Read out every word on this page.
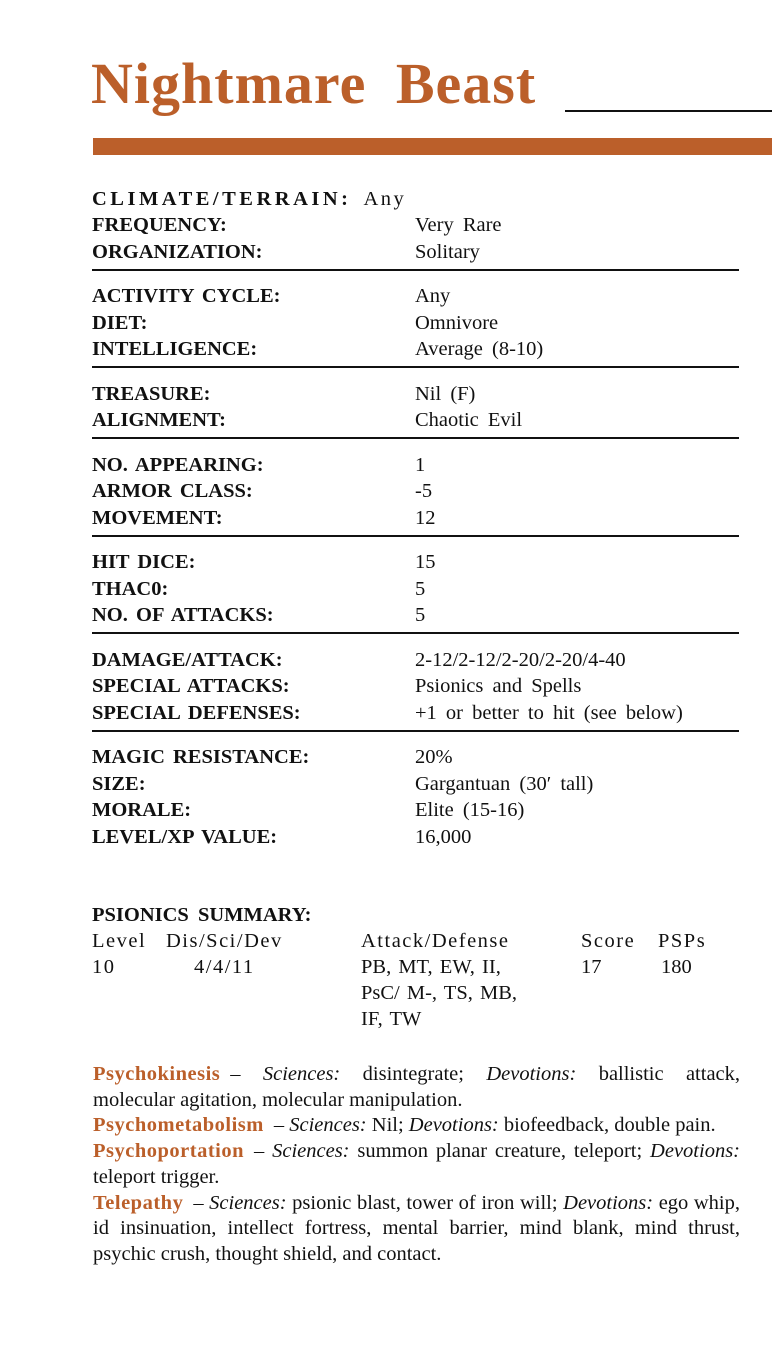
Nightmare Beast
CLIMATE/TERRAIN: Any
FREQUENCY:	Very Rare
ORGANIZATION:	Solitary
ACTIVITY CYCLE:	Any
DIET:	Omnivore
INTELLIGENCE:	Average (8-10)
TREASURE:	Nil (F)
ALIGNMENT:	Chaotic Evil
NO. APPEARING:	1
ARMOR CLASS:	-5
MOVEMENT:	12
HIT DICE:	15
THAC0:	5
NO. OF ATTACKS:	5
DAMAGE/ATTACK:	2-12/2-12/2-20/2-20/4-40
SPECIAL ATTACKS:	Psionics and Spells
SPECIAL DEFENSES:	+1 or better to hit (see below)
MAGIC RESISTANCE:	20%
SIZE:	Gargantuan (30′ tall)
MORALE:	Elite (15-16)
LEVEL/XP VALUE:	16,000
PSIONICS SUMMARY:
Level Dis/Sci/Dev	Attack/Defense	Score PSPs
10	4/4/11	PB, MT, EW, II,
PsC/ M-, TS, MB,
IF, TW
17	180

Psychokinesis – Sciences: disintegrate; Devotions: ballistic attack, molecular agitation, molecular manipulation.

Psychometabolism – Sciences: Nil; Devotions: biofeedback, double pain.

Psychoportation – Sciences: summon planar creature, teleport; Devotions: teleport trigger.

Telepathy – Sciences: psionic blast, tower of iron will; Devotions: ego whip, id insinuation, intellect fortress, mental barrier, mind blank, mind thrust, psychic crush, thought shield, and contact.
